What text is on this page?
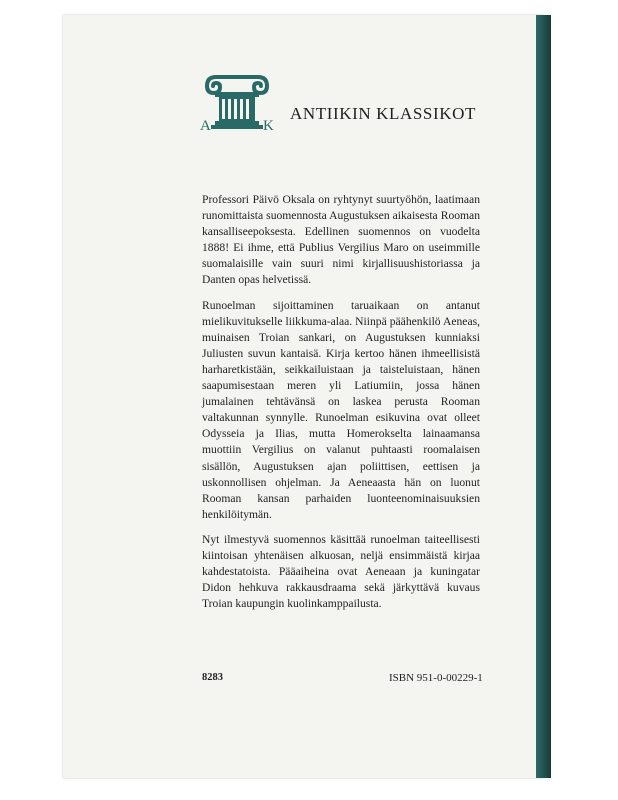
A	K
ANTIIKIN KLASSIKOT

Professori Päivö Oksala on ryhtynyt suurtyöhön, laatimaan runomittaista suomennosta Augustuksen aikaisesta Rooman kansalliseepoksesta. Edellinen suomennos on vuodelta 1888! Ei ihme, että Publius Vergilius Maro on useimmille suomalaisille vain suuri nimi kirjallisuushistoriassa ja Danten opas helvetissä.

Runoelman sijoittaminen taruaikaan on antanut mielikuvitukselle liikkuma-alaa. Niinpä päähenkilö Aeneas, muinaisen Troian sankari, on Augustuksen kunniaksi Juliusten suvun kantaisä. Kirja kertoo hänen ihmeellisistä harharetkistään, seikkailuistaan ja taisteluistaan, hänen saapumisestaan meren yli Latiumiin, jossa hänen jumalainen tehtävänsä on laskea perusta Rooman valtakunnan synnylle. Runoelman esikuvina ovat olleet Odysseia ja Ilias, mutta Homerokselta lainaamansa muottiin Vergilius on valanut puhtaasti roomalaisen sisällön, Augustuksen ajan poliittisen, eettisen ja uskonnollisen ohjelman. Ja Aeneaasta hän on luonut Rooman kansan parhaiden luonteenominaisuuksien henkilöitymän.

Nyt ilmestyvä suomennos käsittää runoelman taiteellisesti kiintoisan yhtenäisen alkuosan, neljä ensimmäistä kirjaa kahdestatoista. Pääaiheina ovat Aeneaan ja kuningatar Didon hehkuva rakkausdraama sekä järkyttävä kuvaus Troian kaupungin kuolinkamppailusta.

8283	ISBN 951-0-00229-1
